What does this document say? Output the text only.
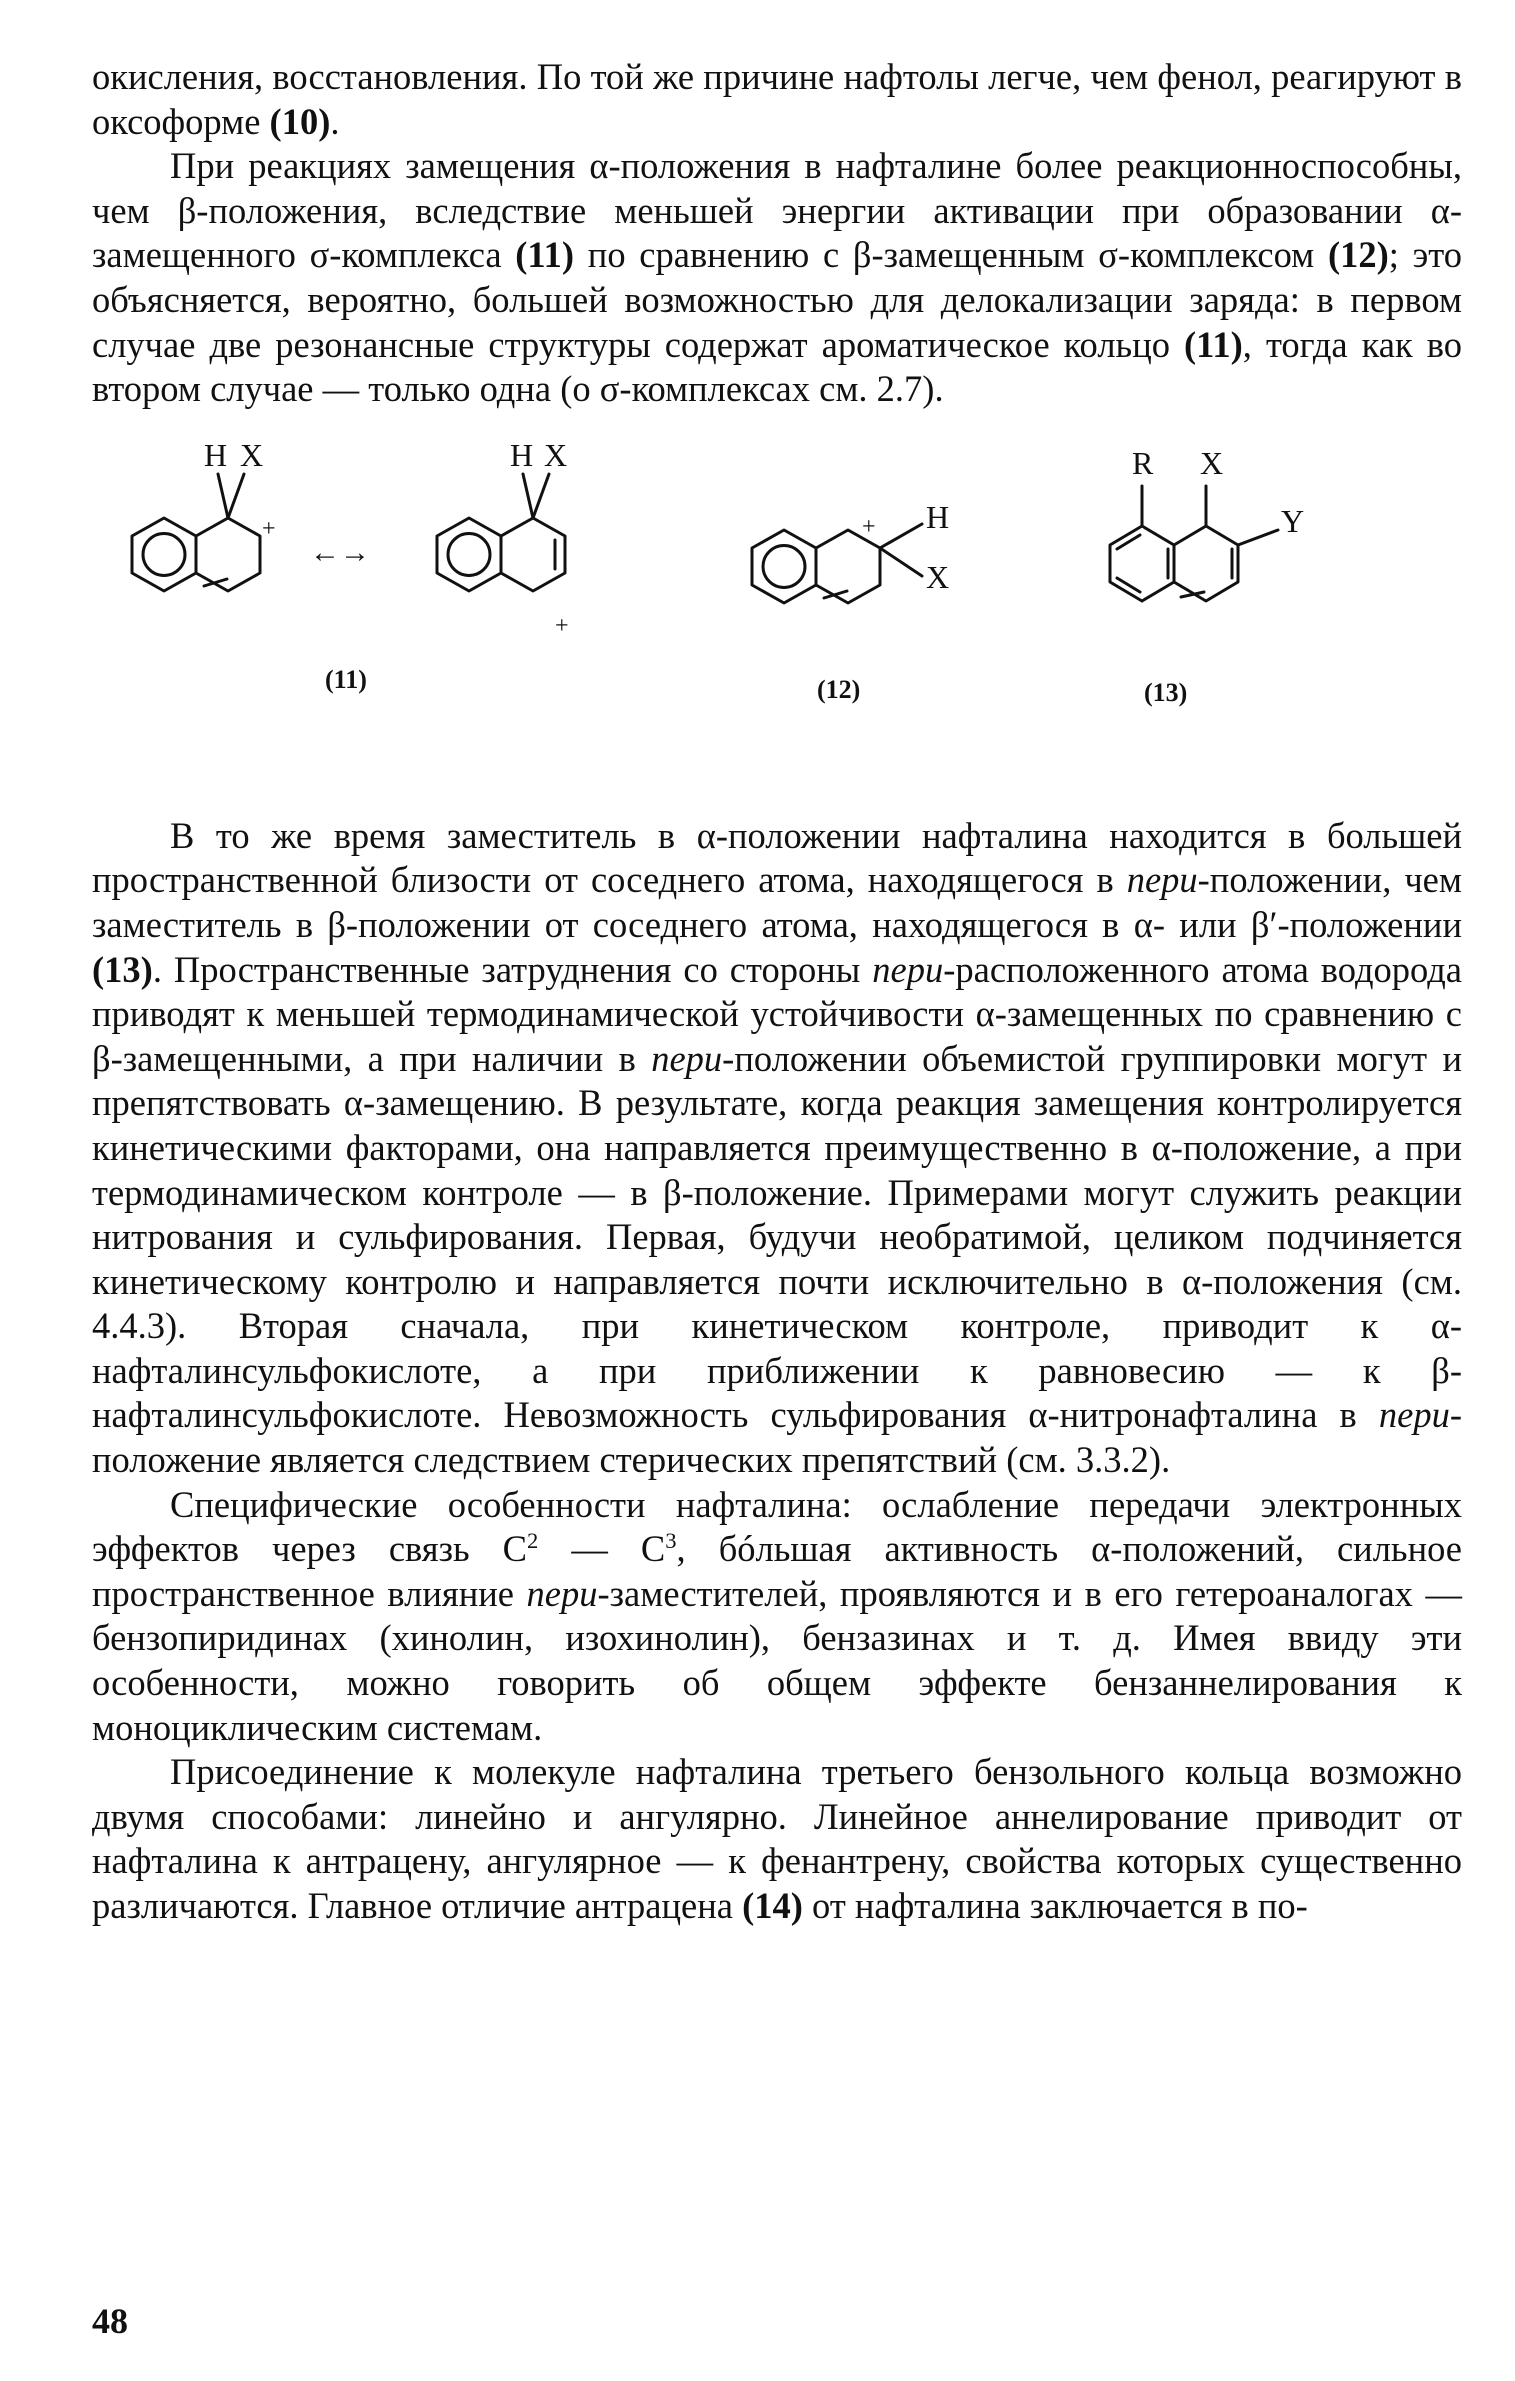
окисления, восстановления. По той же причине нафтолы легче, чем фенол, реагируют в оксоформе (10).

При реакциях замещения α-положения в нафталине более реакционноспособны, чем β-положения, вследствие меньшей энергии активации при образовании α-замещенного σ-комплекса (11) по сравнению с β-замещенным σ-комплексом (12); это объясняется, вероятно, большей возможностью для делокализации заряда: в первом случае две резонансные структуры содержат ароматическое кольцо (11), тогда как во втором случае — только одна (о σ-комплексах см. 2.7).

H X
+
←→
H X
+
+ H
X
R X
Y
(11)	(12)	(13)

В то же время заместитель в α-положении нафталина находится в большей пространственной близости от соседнего атома, находящегося в пери-положении, чем заместитель в β-положении от соседнего атома, находящегося в α- или β′-положении (13). Пространственные затруднения со стороны пери-расположенного атома водорода приводят к меньшей термодинамической устойчивости α-замещенных по сравнению с β-замещенными, а при наличии в пери-положении объемистой группировки могут и препятствовать α-замещению. В результате, когда реакция замещения контролируется кинетическими факторами, она направляется преимущественно в α-положение, а при термодинамическом контроле — в β-положение. Примерами могут служить реакции нитрования и сульфирования. Первая, будучи необратимой, целиком подчиняется кинетическому контролю и направляется почти исключительно в α-положения (см. 4.4.3). Вторая сначала, при кинетическом контроле, приводит к α-нафталинсульфокислоте, а при приближении к равновесию — к β-нафталинсульфокислоте. Невозможность сульфирования α-нитронафталина в пери-положение является следствием стерических препятствий (см. 3.3.2).

Специфические особенности нафталина: ослабление передачи электронных эффектов через связь $C^2$ — $C^3$, бóльшая активность α-положений, сильное пространственное влияние пери-заместителей, проявляются и в его гетероаналогах — бензопиридинах (хинолин, изохинолин), бензазинах и т. д. Имея ввиду эти особенности, можно говорить об общем эффекте бензаннелирования к моноциклическим системам.

Присоединение к молекуле нафталина третьего бензольного кольца возможно двумя способами: линейно и ангулярно. Линейное аннелирование приводит от нафталина к антрацену, ангулярное — к фенантрену, свойства которых существенно различаются. Главное отличие антрацена (14) от нафталина заключается в по-

48
